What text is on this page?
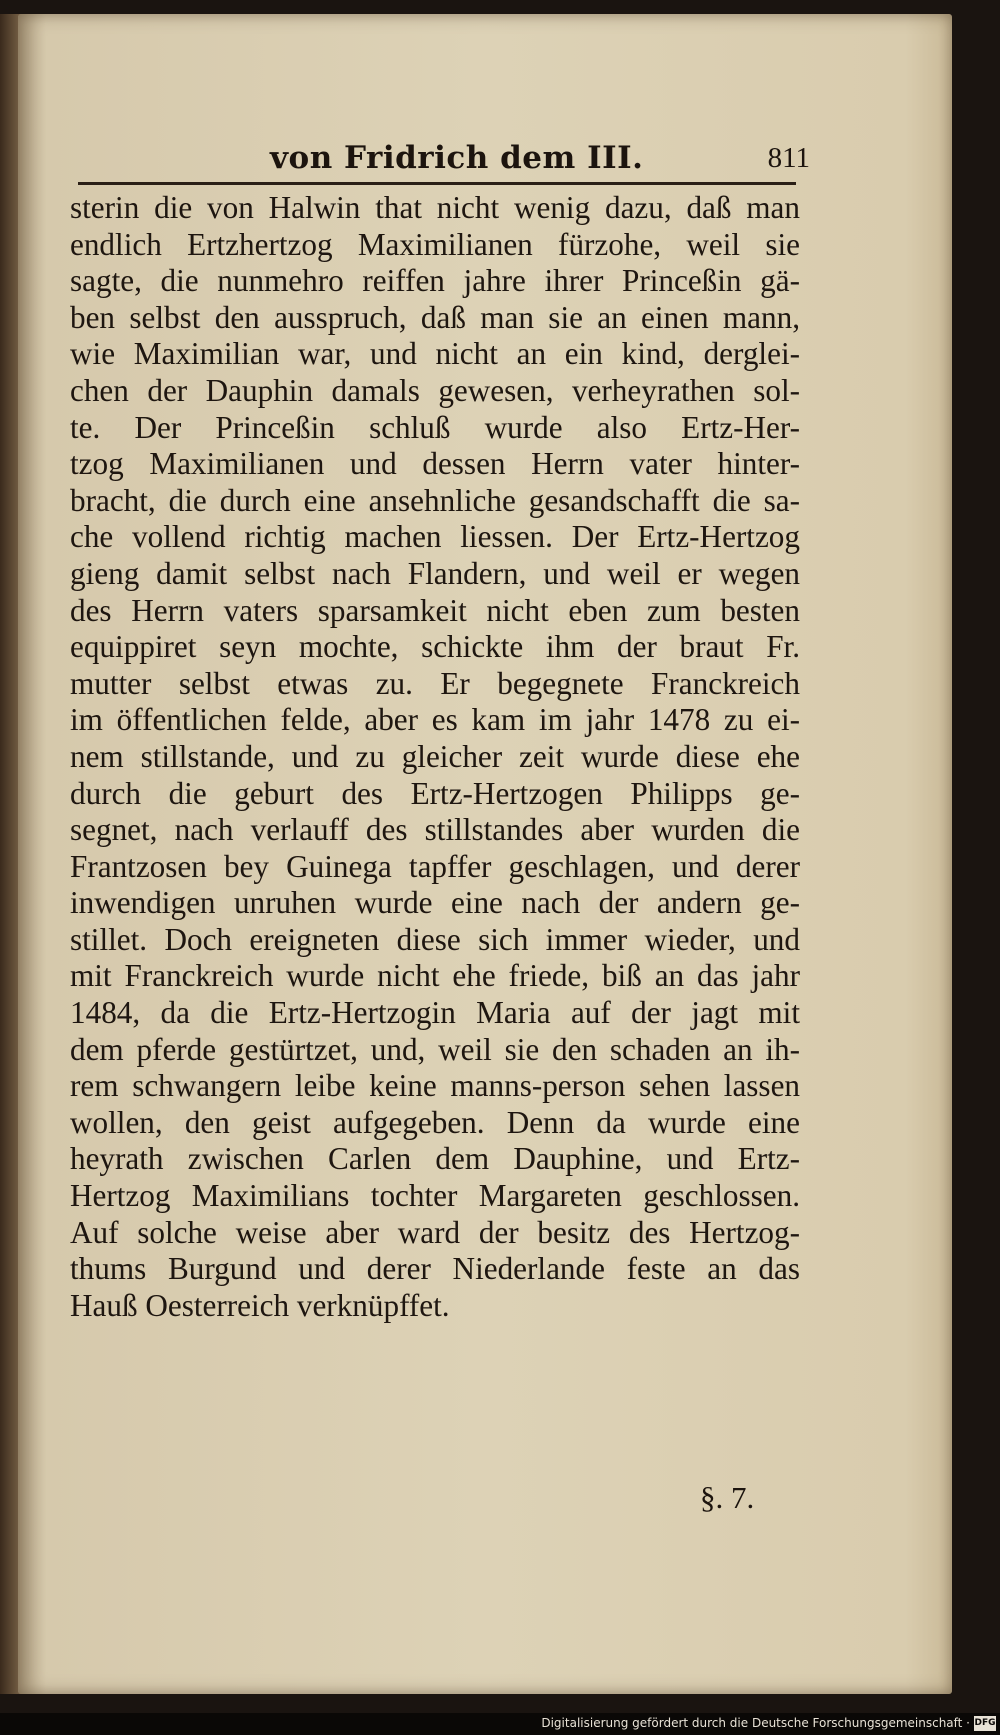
von Fridrich dem III.	811

sterin die von Halwin that nicht wenig dazu, daß man
endlich Ertzhertzog Maximilianen fürzohe, weil sie
sagte, die nunmehro reiffen jahre ihrer Princeßin gä-
ben selbst den ausspruch, daß man sie an einen mann,
wie Maximilian war, und nicht an ein kind, derglei-
chen der Dauphin damals gewesen, verheyrathen sol-
te. Der Princeßin schluß wurde also Ertz-Her-
tzog Maximilianen und dessen Herrn vater hinter-
bracht, die durch eine ansehnliche gesandschafft die sa-
che vollend richtig machen liessen. Der Ertz-Hertzog
gieng damit selbst nach Flandern, und weil er wegen
des Herrn vaters sparsamkeit nicht eben zum besten
equippiret seyn mochte, schickte ihm der braut Fr.
mutter selbst etwas zu. Er begegnete Franckreich
im öffentlichen felde, aber es kam im jahr 1478 zu ei-
nem stillstande, und zu gleicher zeit wurde diese ehe
durch die geburt des Ertz-Hertzogen Philipps ge-
segnet, nach verlauff des stillstandes aber wurden die
Frantzosen bey Guinega tapffer geschlagen, und derer
inwendigen unruhen wurde eine nach der andern ge-
stillet. Doch ereigneten diese sich immer wieder, und
mit Franckreich wurde nicht ehe friede, biß an das jahr
1484, da die Ertz-Hertzogin Maria auf der jagt mit
dem pferde gestürtzet, und, weil sie den schaden an ih-
rem schwangern leibe keine manns-person sehen lassen
wollen, den geist aufgegeben. Denn da wurde eine
heyrath zwischen Carlen dem Dauphine, und Ertz-
Hertzog Maximilians tochter Margareten geschlossen.
Auf solche weise aber ward der besitz des Hertzog-
thums Burgund und derer Niederlande feste an das
Hauß Oesterreich verknüpffet.

§. 7.
Digitalisierung gefördert durch die Deutsche Forschungsgemeinschaft · DFG
